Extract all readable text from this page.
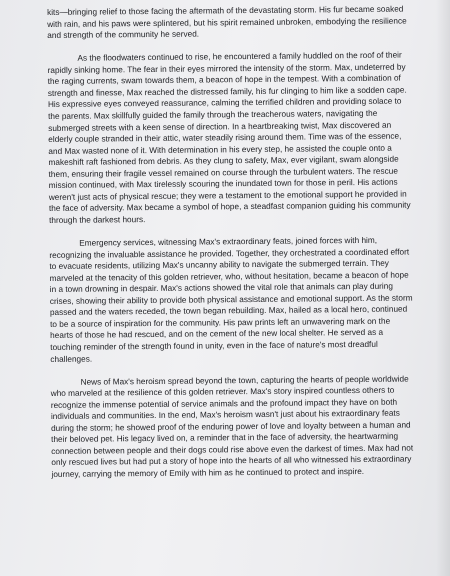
kits—bringing relief to those facing the aftermath of the devastating storm. His fur became soaked with rain, and his paws were splintered, but his spirit remained unbroken, embodying the resilience and strength of the community he served.

As the floodwaters continued to rise, he encountered a family huddled on the roof of their rapidly sinking home. The fear in their eyes mirrored the intensity of the storm. Max, undeterred by the raging currents, swam towards them, a beacon of hope in the tempest. With a combination of strength and finesse, Max reached the distressed family, his fur clinging to him like a sodden cape. His expressive eyes conveyed reassurance, calming the terrified children and providing solace to the parents. Max skillfully guided the family through the treacherous waters, navigating the submerged streets with a keen sense of direction. In a heartbreaking twist, Max discovered an elderly couple stranded in their attic, water steadily rising around them. Time was of the essence, and Max wasted none of it. With determination in his every step, he assisted the couple onto a makeshift raft fashioned from debris. As they clung to safety, Max, ever vigilant, swam alongside them, ensuring their fragile vessel remained on course through the turbulent waters. The rescue mission continued, with Max tirelessly scouring the inundated town for those in peril. His actions weren't just acts of physical rescue; they were a testament to the emotional support he provided in the face of adversity. Max became a symbol of hope, a steadfast companion guiding his community through the darkest hours.

Emergency services, witnessing Max's extraordinary feats, joined forces with him, recognizing the invaluable assistance he provided. Together, they orchestrated a coordinated effort to evacuate residents, utilizing Max's uncanny ability to navigate the submerged terrain. They marveled at the tenacity of this golden retriever, who, without hesitation, became a beacon of hope in a town drowning in despair. Max's actions showed the vital role that animals can play during crises, showing their ability to provide both physical assistance and emotional support. As the storm passed and the waters receded, the town began rebuilding. Max, hailed as a local hero, continued to be a source of inspiration for the community. His paw prints left an unwavering mark on the hearts of those he had rescued, and on the cement of the new local shelter. He served as a touching reminder of the strength found in unity, even in the face of nature's most dreadful challenges.

News of Max's heroism spread beyond the town, capturing the hearts of people worldwide who marveled at the resilience of this golden retriever. Max's story inspired countless others to recognize the immense potential of service animals and the profound impact they have on both individuals and communities. In the end, Max's heroism wasn't just about his extraordinary feats during the storm; he showed proof of the enduring power of love and loyalty between a human and their beloved pet. His legacy lived on, a reminder that in the face of adversity, the heartwarming connection between people and their dogs could rise above even the darkest of times. Max had not only rescued lives but had put a story of hope into the hearts of all who witnessed his extraordinary journey, carrying the memory of Emily with him as he continued to protect and inspire.
